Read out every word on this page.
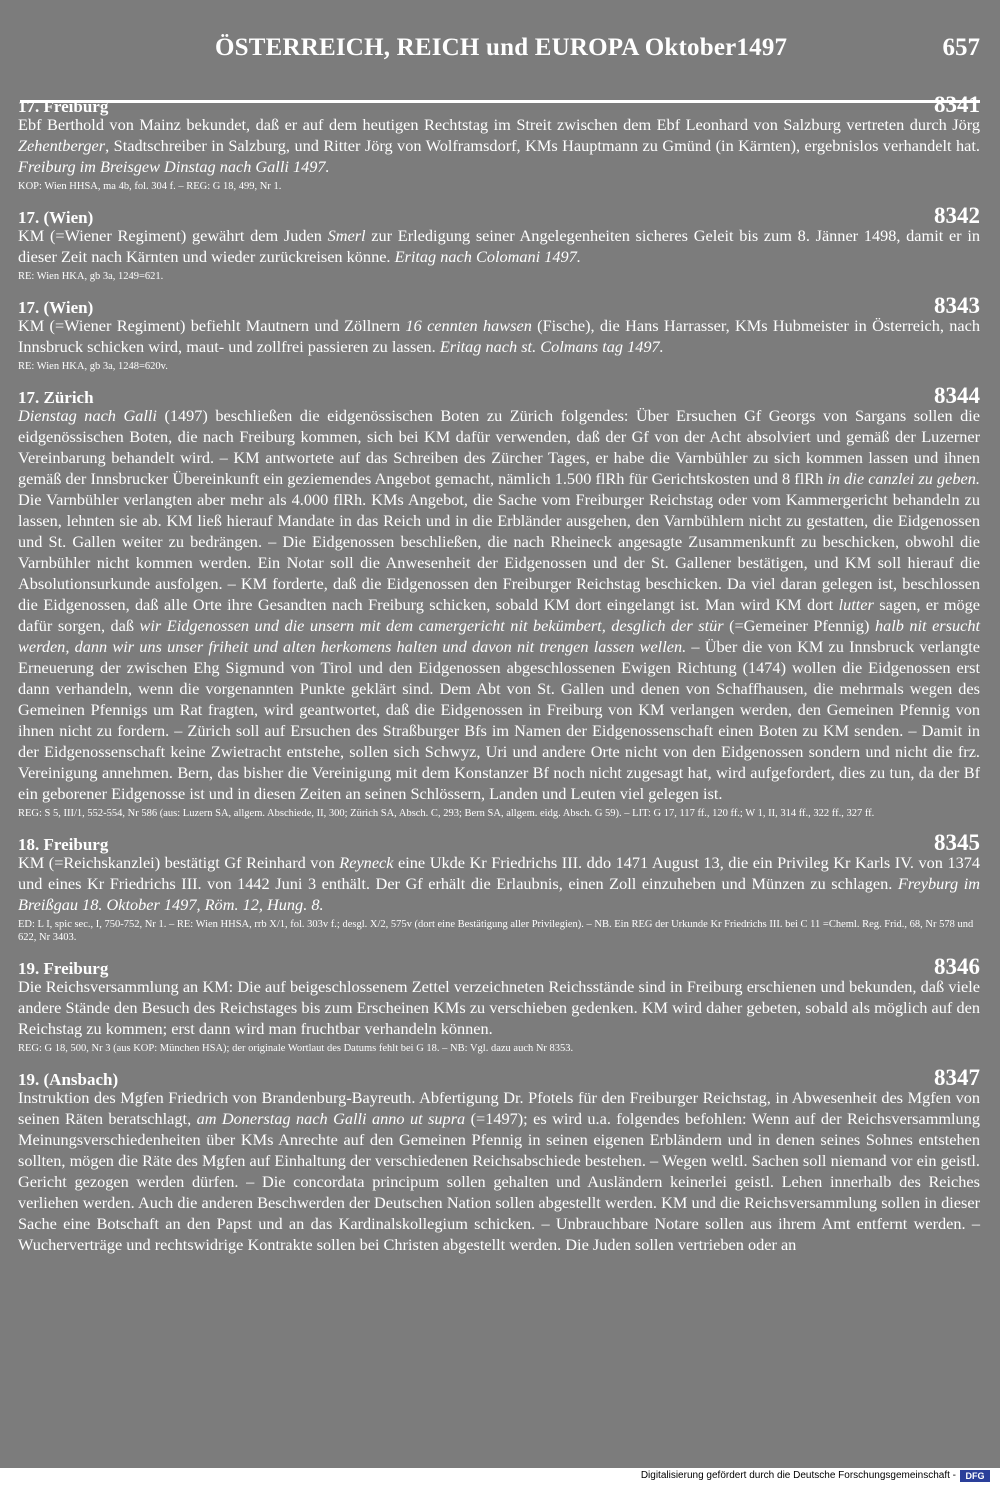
ÖSTERREICH, REICH und EUROPA Oktober1497	657
17. Freiburg	8341
Ebf Berthold von Mainz bekundet, daß er auf dem heutigen Rechtstag im Streit zwischen dem Ebf Leonhard von Salzburg vertreten durch Jörg Zehentberger, Stadtschreiber in Salzburg, und Ritter Jörg von Wolframsdorf, KMs Hauptmann zu Gmünd (in Kärnten), ergebnislos verhandelt hat. Freiburg im Breisgew Dinstag nach Galli 1497.
KOP: Wien HHSA, ma 4b, fol. 304 f. – REG: G 18, 499, Nr 1.
17. (Wien)	8342
KM (=Wiener Regiment) gewährt dem Juden Smerl zur Erledigung seiner Angelegenheiten sicheres Geleit bis zum 8. Jänner 1498, damit er in dieser Zeit nach Kärnten und wieder zurückreisen könne. Eritag nach Colomani 1497.
RE: Wien HKA, gb 3a, 1249=621.
17. (Wien)	8343
KM (=Wiener Regiment) befiehlt Mautnern und Zöllnern 16 cennten hawsen (Fische), die Hans Harrasser, KMs Hubmeister in Österreich, nach Innsbruck schicken wird, maut- und zollfrei passieren zu lassen. Eritag nach st. Colmans tag 1497.
RE: Wien HKA, gb 3a, 1248=620v.
17. Zürich	8344
Dienstag nach Galli (1497) beschließen die eidgenössischen Boten zu Zürich folgendes: Über Ersuchen Gf Georgs von Sargans sollen die eidgenössischen Boten, die nach Freiburg kommen, sich bei KM dafür verwenden, daß der Gf von der Acht absolviert und gemäß der Luzerner Vereinbarung behandelt wird. – KM antwortete auf das Schreiben des Zürcher Tages, er habe die Varnbühler zu sich kommen lassen und ihnen gemäß der Innsbrucker Übereinkunft ein geziemendes Angebot gemacht, nämlich 1.500 flRh für Gerichtskosten und 8 flRh in die canzlei zu geben. Die Varnbühler verlangten aber mehr als 4.000 flRh. KMs Angebot, die Sache vom Freiburger Reichstag oder vom Kammergericht behandeln zu lassen, lehnten sie ab. KM ließ hierauf Mandate in das Reich und in die Erbländer ausgehen, den Varnbühlern nicht zu gestatten, die Eidgenossen und St. Gallen weiter zu bedrängen. – Die Eidgenossen beschließen, die nach Rheineck angesagte Zusammenkunft zu beschicken, obwohl die Varnbühler nicht kommen werden. Ein Notar soll die Anwesenheit der Eidgenossen und der St. Gallener bestätigen, und KM soll hierauf die Absolutionsurkunde ausfolgen. – KM forderte, daß die Eidgenossen den Freiburger Reichstag beschicken. Da viel daran gelegen ist, beschlossen die Eidgenossen, daß alle Orte ihre Gesandten nach Freiburg schicken, sobald KM dort eingelangt ist. Man wird KM dort lutter sagen, er möge dafür sorgen, daß wir Eidgenossen und die unsern mit dem camergericht nit bekümbert, desglich der stür (=Gemeiner Pfennig) halb nit ersucht werden, dann wir uns unser friheit und alten herkomens halten und davon nit trengen lassen wellen. – Über die von KM zu Innsbruck verlangte Erneuerung der zwischen Ehg Sigmund von Tirol und den Eidgenossen abgeschlossenen Ewigen Richtung (1474) wollen die Eidgenossen erst dann verhandeln, wenn die vorgenannten Punkte geklärt sind. Dem Abt von St. Gallen und denen von Schaffhausen, die mehrmals wegen des Gemeinen Pfennigs um Rat fragten, wird geantwortet, daß die Eidgenossen in Freiburg von KM verlangen werden, den Gemeinen Pfennig von ihnen nicht zu fordern. – Zürich soll auf Ersuchen des Straßburger Bfs im Namen der Eidgenossenschaft einen Boten zu KM senden. – Damit in der Eidgenossenschaft keine Zwietracht entstehe, sollen sich Schwyz, Uri und andere Orte nicht von den Eidgenossen sondern und nicht die frz. Vereinigung annehmen. Bern, das bisher die Vereinigung mit dem Konstanzer Bf noch nicht zugesagt hat, wird aufgefordert, dies zu tun, da der Bf ein geborener Eidgenosse ist und in diesen Zeiten an seinen Schlössern, Landen und Leuten viel gelegen ist.
REG: S 5, III/1, 552-554, Nr 586 (aus: Luzern SA, allgem. Abschiede, II, 300; Zürich SA, Absch. C, 293; Bern SA, allgem. eidg. Absch. G 59). – LIT: G 17, 117 ff., 120 ff.; W 1, II, 314 ff., 322 ff., 327 ff.
18. Freiburg	8345
KM (=Reichskanzlei) bestätigt Gf Reinhard von Reyneck eine Ukde Kr Friedrichs III. ddo 1471 August 13, die ein Privileg Kr Karls IV. von 1374 und eines Kr Friedrichs III. von 1442 Juni 3 enthält. Der Gf erhält die Erlaubnis, einen Zoll einzuheben und Münzen zu schlagen. Freyburg im Breißgau 18. Oktober 1497, Röm. 12, Hung. 8.
ED: L I, spic sec., I, 750-752, Nr 1. – RE: Wien HHSA, rrb X/1, fol. 303v f.; desgl. X/2, 575v (dort eine Bestätigung aller Privilegien). – NB. Ein REG der Urkunde Kr Friedrichs III. bei C 11 =Cheml. Reg. Frid., 68, Nr 578 und 622, Nr 3403.
19. Freiburg	8346
Die Reichsversammlung an KM: Die auf beigeschlossenem Zettel verzeichneten Reichsstände sind in Freiburg erschienen und bekunden, daß viele andere Stände den Besuch des Reichstages bis zum Erscheinen KMs zu verschieben gedenken. KM wird daher gebeten, sobald als möglich auf den Reichstag zu kommen; erst dann wird man fruchtbar verhandeln können.
REG: G 18, 500, Nr 3 (aus KOP: München HSA); der originale Wortlaut des Datums fehlt bei G 18. – NB: Vgl. dazu auch Nr 8353.
19. (Ansbach)	8347
Instruktion des Mgfen Friedrich von Brandenburg-Bayreuth. Abfertigung Dr. Pfotels für den Freiburger Reichstag, in Abwesenheit des Mgfen von seinen Räten beratschlagt, am Donerstag nach Galli anno ut supra (=1497); es wird u.a. folgendes befohlen: Wenn auf der Reichsversammlung Meinungsverschiedenheiten über KMs Anrechte auf den Gemeinen Pfennig in seinen eigenen Erbländern und in denen seines Sohnes entstehen sollten, mögen die Räte des Mgfen auf Einhaltung der verschiedenen Reichsabschiede bestehen. – Wegen weltl. Sachen soll niemand vor ein geistl. Gericht gezogen werden dürfen. – Die concordata principum sollen gehalten und Ausländern keinerlei geistl. Lehen innerhalb des Reiches verliehen werden. Auch die anderen Beschwerden der Deutschen Nation sollen abgestellt werden. KM und die Reichsversammlung sollen in dieser Sache eine Botschaft an den Papst und an das Kardinalskollegium schicken. – Unbrauchbare Notare sollen aus ihrem Amt entfernt werden. – Wucherverträge und rechtswidrige Kontrakte sollen bei Christen abgestellt werden. Die Juden sollen vertrieben oder an
Digitalisierung gefördert durch die Deutsche Forschungsgemeinschaft -	DFG
